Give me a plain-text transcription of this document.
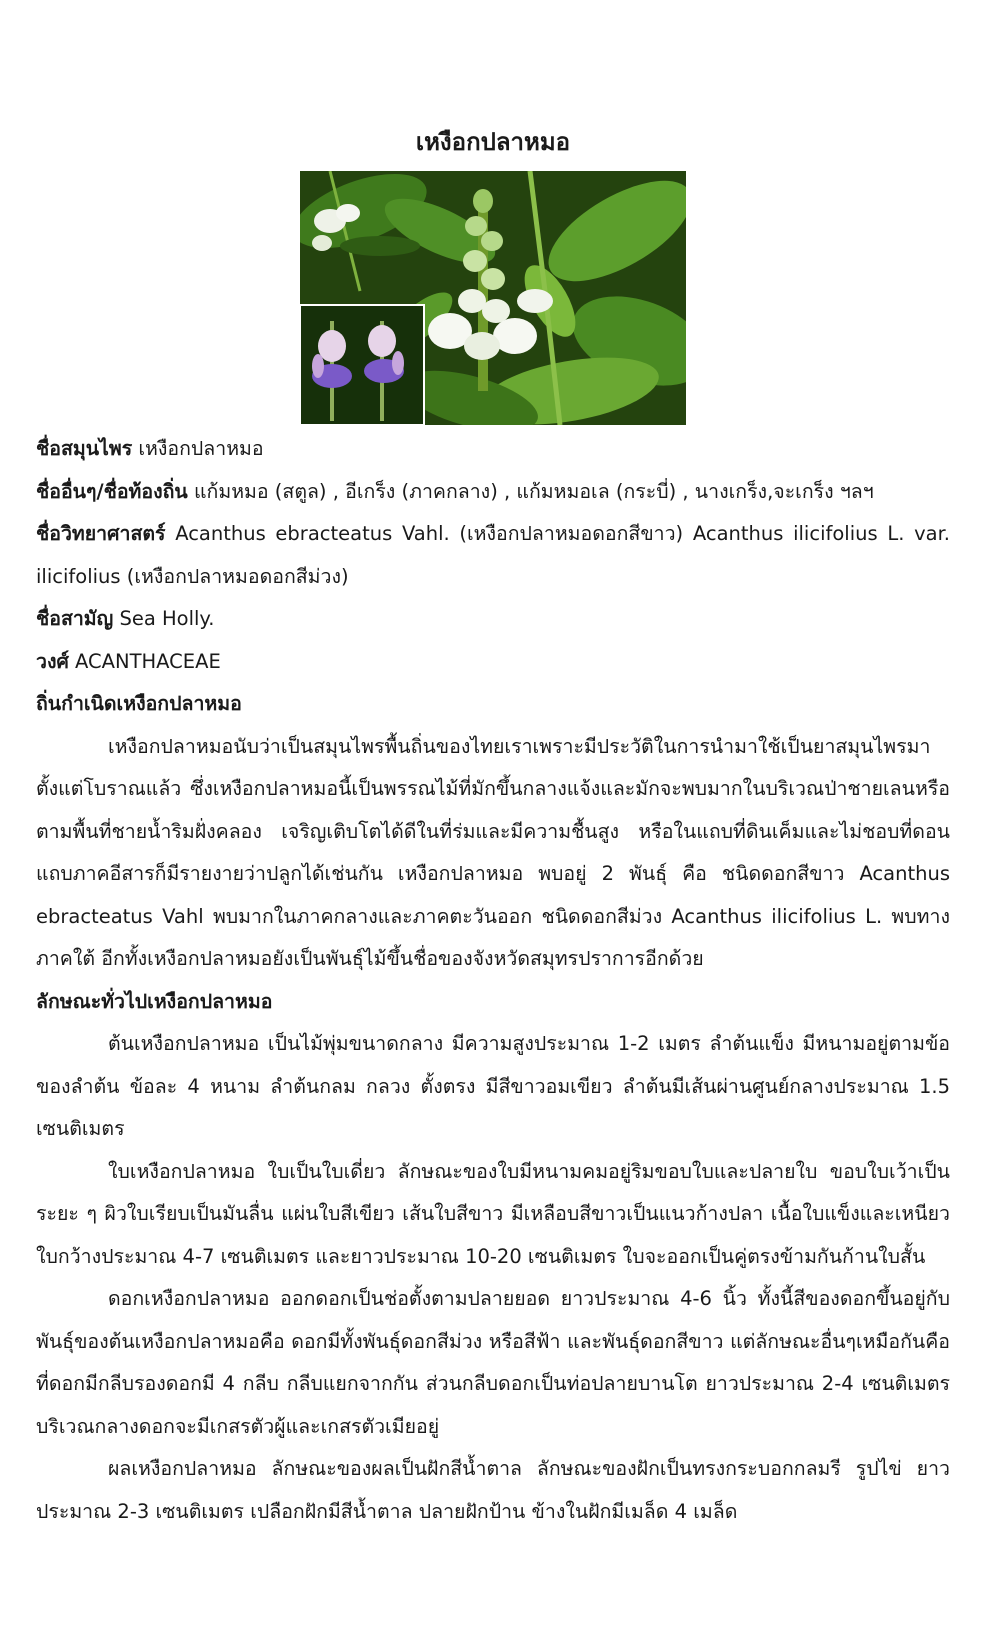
เหงือกปลาหมอ

ชื่อสมุนไพร เหงือกปลาหมอ

ชื่ออื่นๆ/ชื่อท้องถิ่น แก้มหมอ (สตูล) , อีเกร็ง (ภาคกลาง) , แก้มหมอเล (กระบี่) , นางเกร็ง,จะเกร็ง ฯลฯ

ชื่อวิทยาศาสตร์ Acanthus ebracteatus Vahl. (เหงือกปลาหมอดอกสีขาว) Acanthus ilicifolius L. var. ilicifolius (เหงือกปลาหมอดอกสีม่วง)

ชื่อสามัญ Sea Holly.

วงศ์ ACANTHACEAE

ถิ่นกำเนิดเหงือกปลาหมอ

เหงือกปลาหมอนับว่าเป็นสมุนไพรพื้นถิ่นของไทยเราเพราะมีประวัติในการนำมาใช้เป็นยาสมุนไพรมาตั้งแต่โบราณแล้ว ซึ่งเหงือกปลาหมอนี้เป็นพรรณไม้ที่มักขึ้นกลางแจ้งและมักจะพบมากในบริเวณป่าชายเลนหรือตามพื้นที่ชายน้ำริมฝั่งคลอง เจริญเติบโตได้ดีในที่ร่มและมีความชื้นสูง หรือในแถบที่ดินเค็มและไม่ชอบที่ดอน แถบภาคอีสารก็มีรายงายว่าปลูกได้เช่นกัน เหงือกปลาหมอ พบอยู่ 2 พันธุ์ คือ ชนิดดอกสีขาว Acanthus ebracteatus Vahl พบมากในภาคกลางและภาคตะวันออก ชนิดดอกสีม่วง Acanthus ilicifolius L. พบทางภาคใต้ อีกทั้งเหงือกปลาหมอยังเป็นพันธุ์ไม้ขึ้นชื่อของจังหวัดสมุทรปราการอีกด้วย

ลักษณะทั่วไปเหงือกปลาหมอ

ต้นเหงือกปลาหมอ เป็นไม้พุ่มขนาดกลาง มีความสูงประมาณ 1-2 เมตร ลำต้นแข็ง มีหนามอยู่ตามข้อของลำต้น ข้อละ 4 หนาม ลำต้นกลม กลวง ตั้งตรง มีสีขาวอมเขียว ลำต้นมีเส้นผ่านศูนย์กลางประมาณ 1.5 เซนติเมตร

ใบเหงือกปลาหมอ ใบเป็นใบเดี่ยว ลักษณะของใบมีหนามคมอยู่ริมขอบใบและปลายใบ ขอบใบเว้าเป็นระยะ ๆ ผิวใบเรียบเป็นมันลื่น แผ่นใบสีเขียว เส้นใบสีขาว มีเหลือบสีขาวเป็นแนวก้างปลา เนื้อใบแข็งและเหนียว ใบกว้างประมาณ 4-7 เซนติเมตร และยาวประมาณ 10-20 เซนติเมตร ใบจะออกเป็นคู่ตรงข้ามกันก้านใบสั้น

ดอกเหงือกปลาหมอ ออกดอกเป็นช่อตั้งตามปลายยอด ยาวประมาณ 4-6 นิ้ว ทั้งนี้สีของดอกขึ้นอยู่กับพันธุ์ของต้นเหงือกปลาหมอคือ ดอกมีทั้งพันธุ์ดอกสีม่วง หรือสีฟ้า และพันธุ์ดอกสีขาว แต่ลักษณะอื่นๆเหมือกันคือ ที่ดอกมีกลีบรองดอกมี 4 กลีบ กลีบแยกจากกัน ส่วนกลีบดอกเป็นท่อปลายบานโต ยาวประมาณ 2-4 เซนติเมตร บริเวณกลางดอกจะมีเกสรตัวผู้และเกสรตัวเมียอยู่

ผลเหงือกปลาหมอ ลักษณะของผลเป็นฝักสีน้ำตาล ลักษณะของฝักเป็นทรงกระบอกกลมรี รูปไข่ ยาวประมาณ 2-3 เซนติเมตร เปลือกฝักมีสีน้ำตาล ปลายฝักป้าน ข้างในฝักมีเมล็ด 4 เมล็ด
